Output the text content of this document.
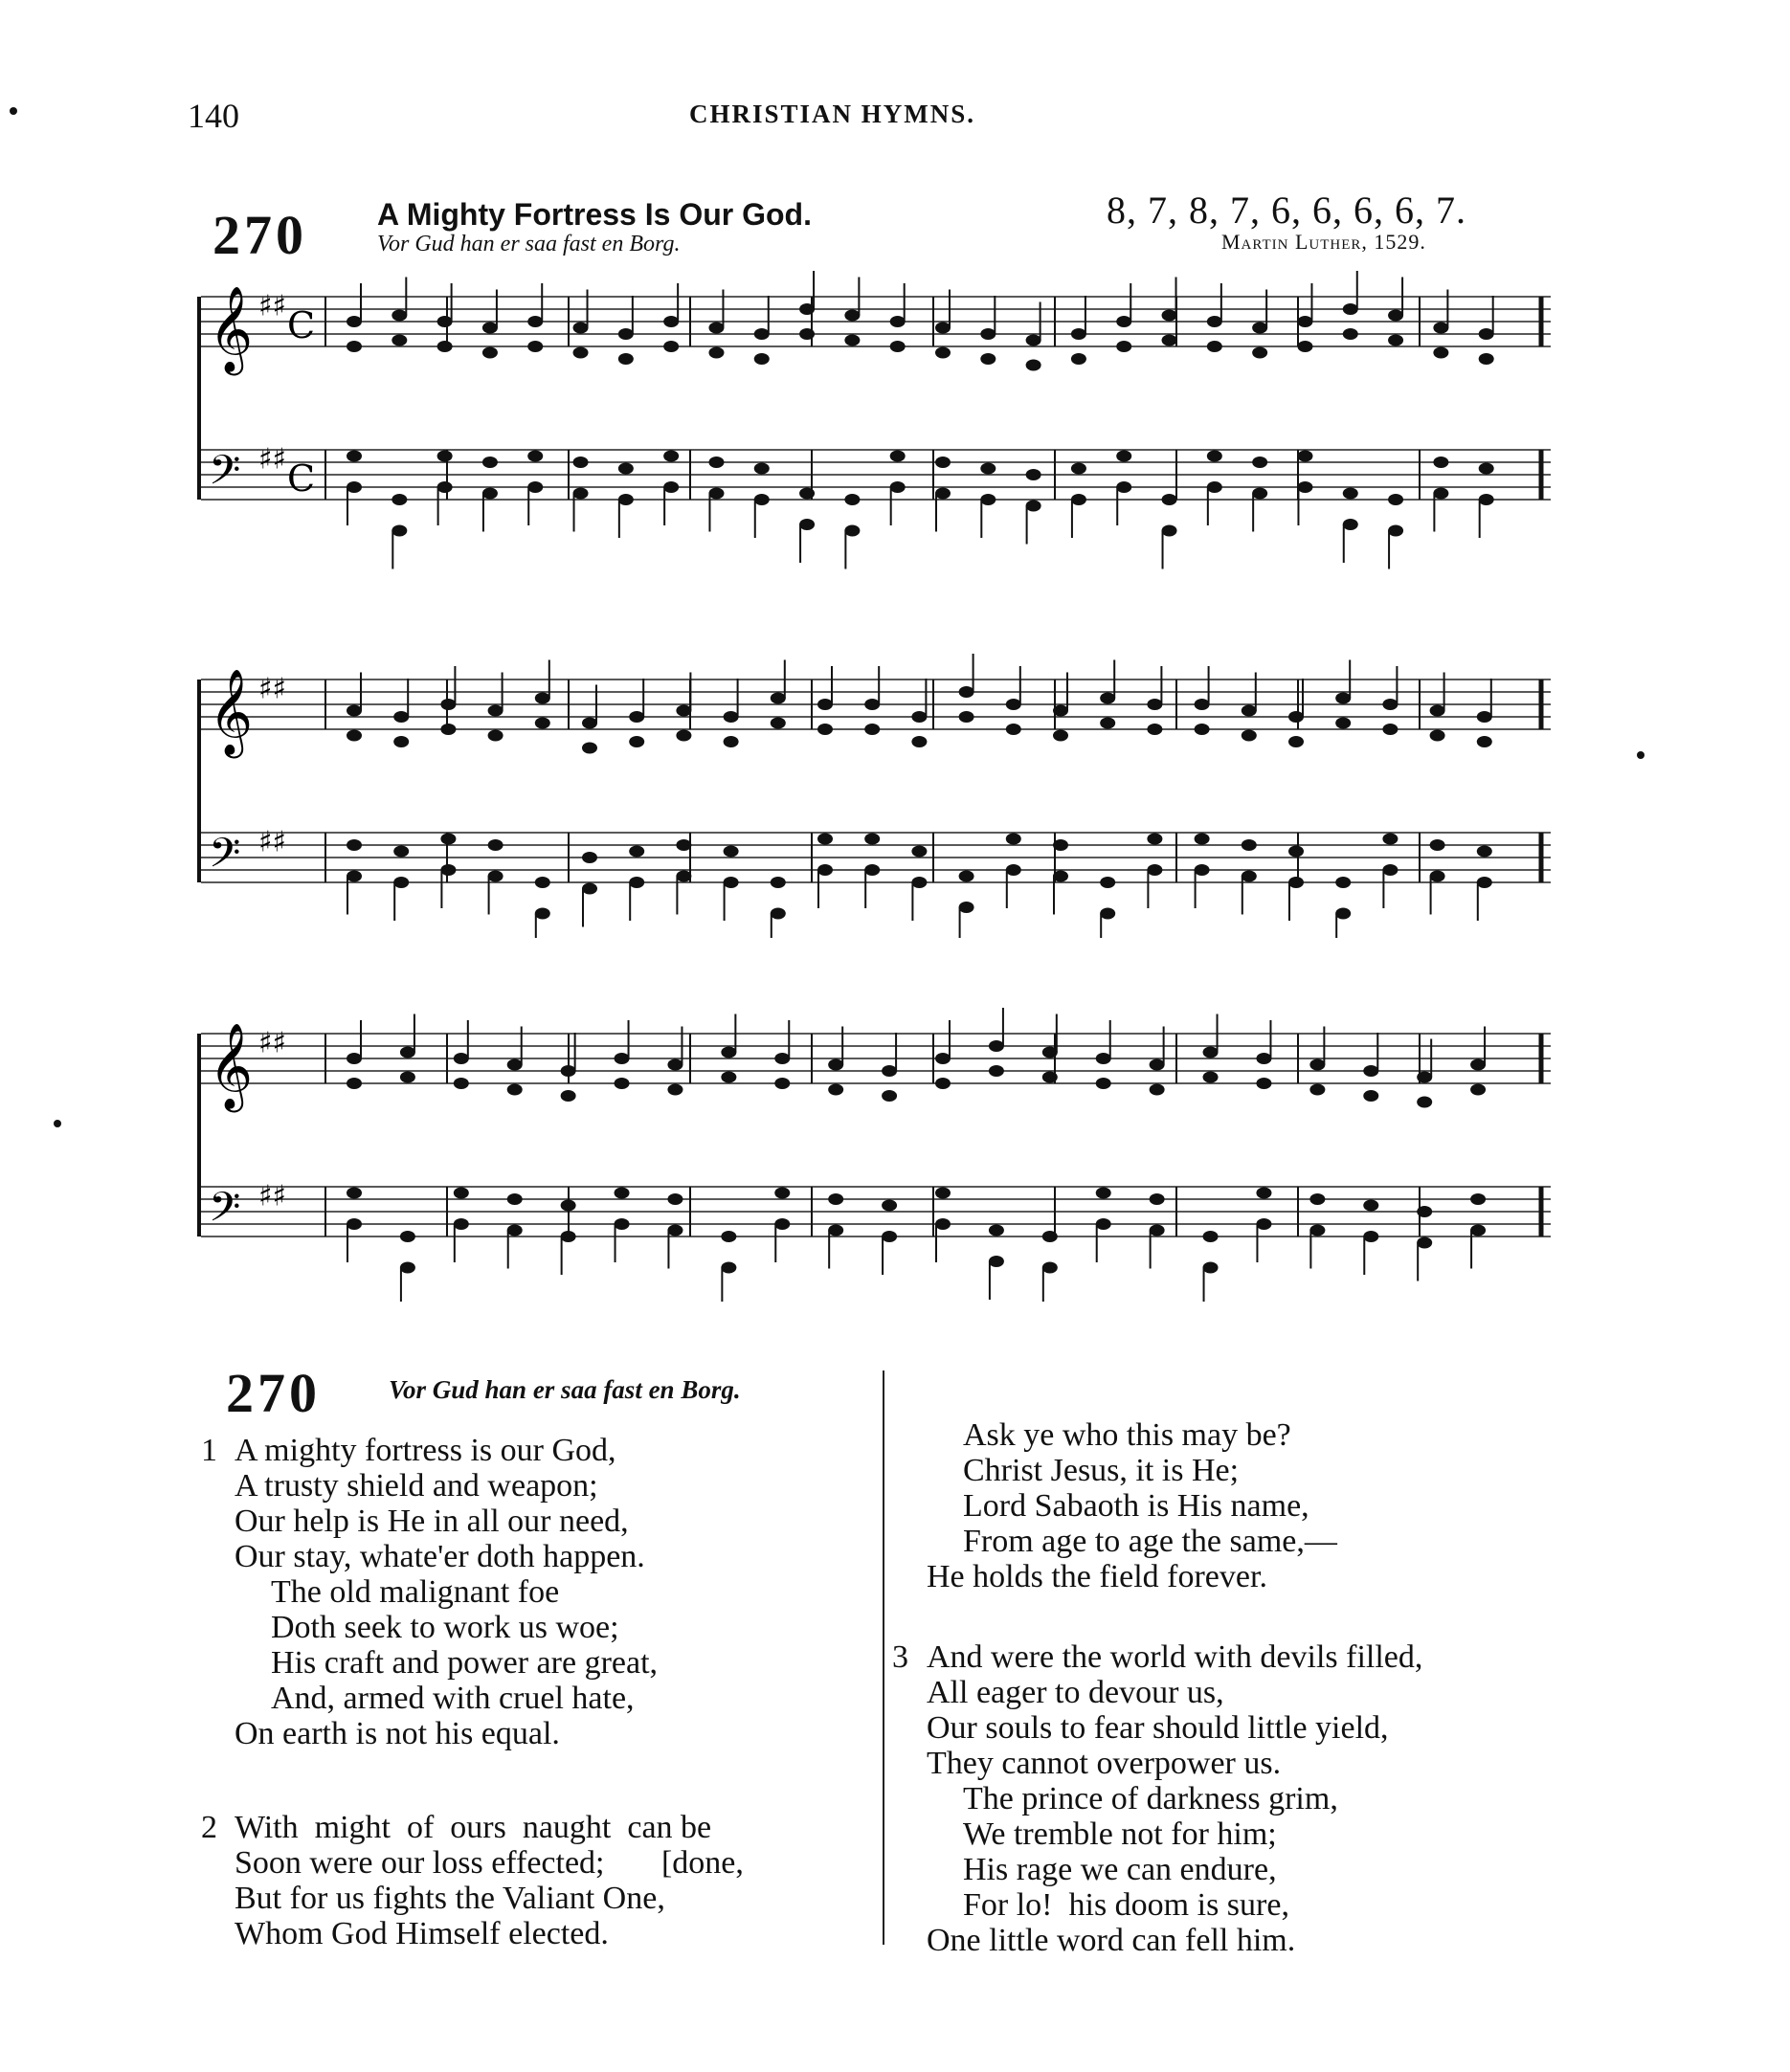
140	CHRISTIAN HYMNS.
270 A Mighty Fortress Is Our God.
Vor Gud han er saa fast en Borg.
8, 7, 8, 7, 6, 6, 6, 6, 7.
Martin Luther, 1529.
𝄞 ♯♯ C
𝄢 ♯♯ C
𝄞 ♯♯
𝄢 ♯♯
𝄞 ♯♯
𝄢 ♯♯
270	Vor Gud han er saa fast en Borg.
1 A mighty fortress is our God,
A trusty shield and weapon;
Our help is He in all our need,
Our stay, whate'er doth happen.
The old malignant foe
Doth seek to work us woe;
His craft and power are great,
And, armed with cruel hate,
On earth is not his equal.
2 With  might  of  ours  naught  can be
Soon were our loss effected;       [done,
But for us fights the Valiant One,
Whom God Himself elected.
Ask ye who this may be?
Christ Jesus, it is He;
Lord Sabaoth is His name,
From age to age the same,—
He holds the field forever.
3 And were the world with devils filled,
All eager to devour us,
Our souls to fear should little yield,
They cannot overpower us.
The prince of darkness grim,
We tremble not for him;
His rage we can endure,
For lo!  his doom is sure,
One little word can fell him.
